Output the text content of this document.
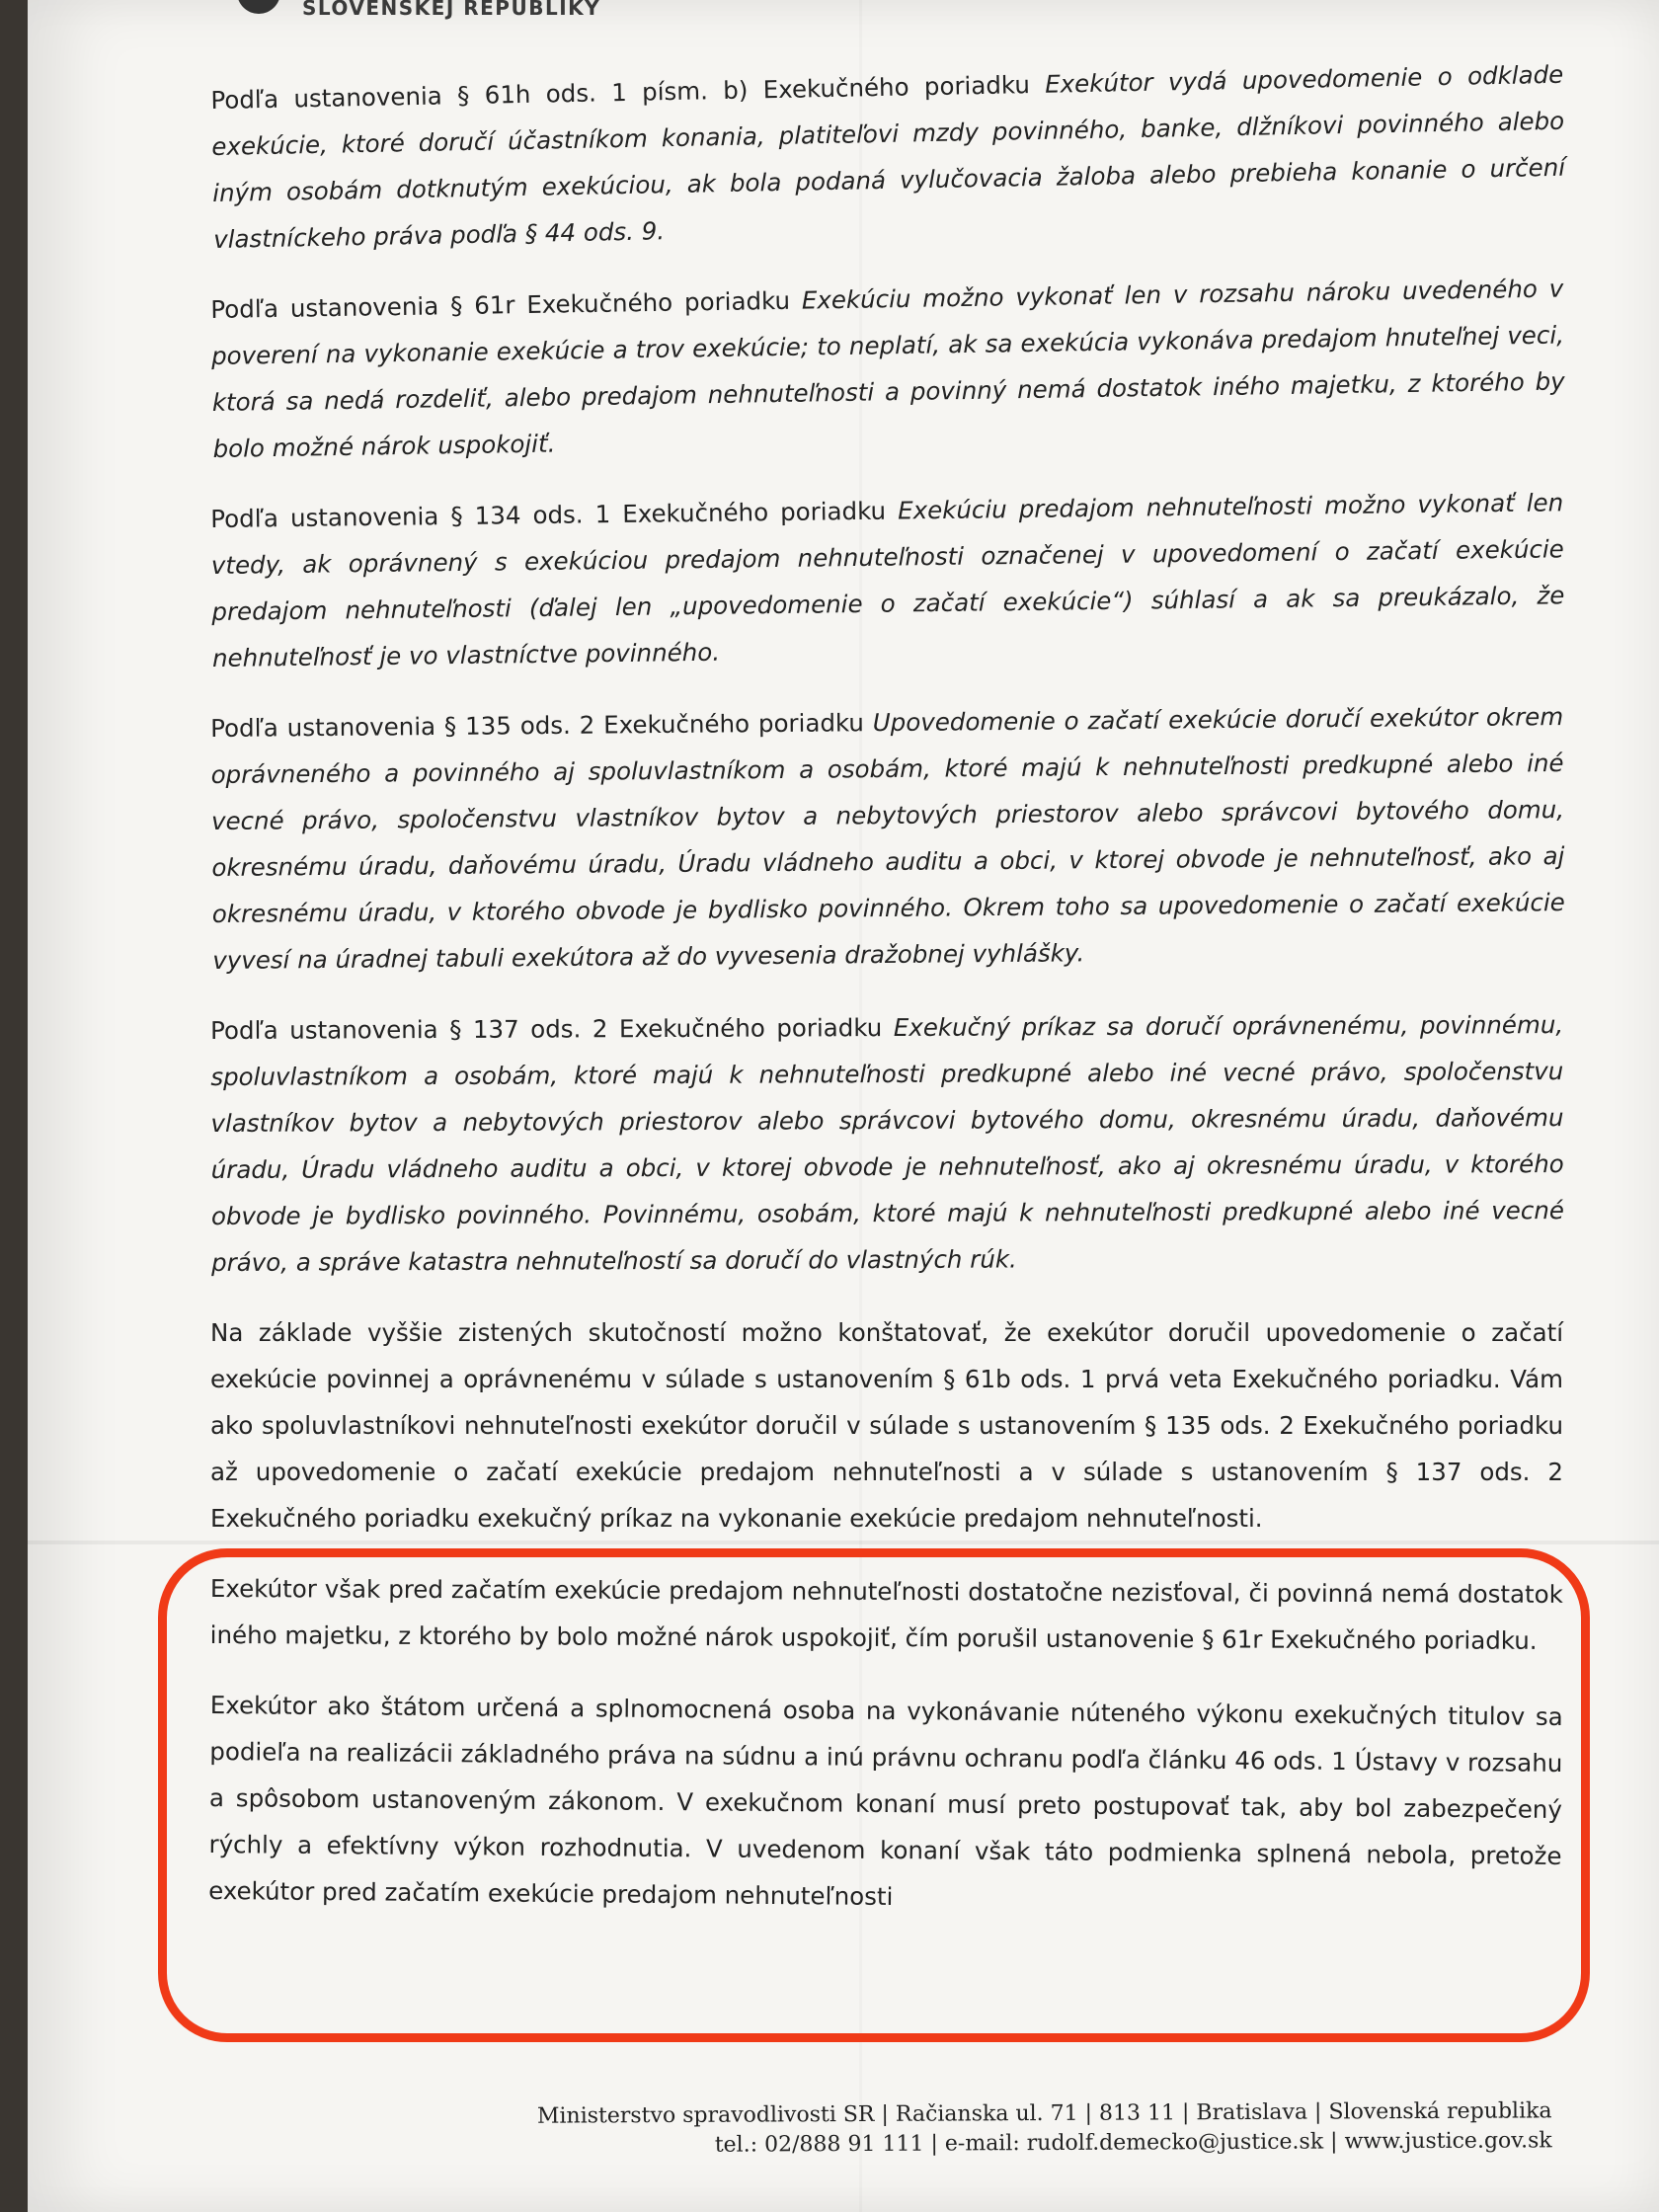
SLOVENSKEJ REPUBLIKY

Podľa ustanovenia § 61h ods. 1 písm. b) Exekučného poriadku Exekútor vydá upovedomenie o odklade exekúcie, ktoré doručí účastníkom konania, platiteľovi mzdy povinného, banke, dlžníkovi povinného alebo iným osobám dotknutým exekúciou, ak bola podaná vylučovacia žaloba alebo prebieha konanie o určení vlastníckeho práva podľa § 44 ods. 9.

Podľa ustanovenia § 61r Exekučného poriadku Exekúciu možno vykonať len v rozsahu nároku uvedeného v poverení na vykonanie exekúcie a trov exekúcie; to neplatí, ak sa exekúcia vykonáva predajom hnuteľnej veci, ktorá sa nedá rozdeliť, alebo predajom nehnuteľnosti a povinný nemá dostatok iného majetku, z ktorého by bolo možné nárok uspokojiť.

Podľa ustanovenia § 134 ods. 1 Exekučného poriadku Exekúciu predajom nehnuteľnosti možno vykonať len vtedy, ak oprávnený s exekúciou predajom nehnuteľnosti označenej v upovedomení o začatí exekúcie predajom nehnuteľnosti (ďalej len „upovedomenie o začatí exekúcie“) súhlasí a ak sa preukázalo, že nehnuteľnosť je vo vlastníctve povinného.

Podľa ustanovenia § 135 ods. 2 Exekučného poriadku Upovedomenie o začatí exekúcie doručí exekútor okrem oprávneného a povinného aj spoluvlastníkom a osobám, ktoré majú k nehnuteľnosti predkupné alebo iné vecné právo, spoločenstvu vlastníkov bytov a nebytových priestorov alebo správcovi bytového domu, okresnému úradu, daňovému úradu, Úradu vládneho auditu a obci, v ktorej obvode je nehnuteľnosť, ako aj okresnému úradu, v ktorého obvode je bydlisko povinného. Okrem toho sa upovedomenie o začatí exekúcie vyvesí na úradnej tabuli exekútora až do vyvesenia dražobnej vyhlášky.

Podľa ustanovenia § 137 ods. 2 Exekučného poriadku Exekučný príkaz sa doručí oprávnenému, povinnému, spoluvlastníkom a osobám, ktoré majú k nehnuteľnosti predkupné alebo iné vecné právo, spoločenstvu vlastníkov bytov a nebytových priestorov alebo správcovi bytového domu, okresnému úradu, daňovému úradu, Úradu vládneho auditu a obci, v ktorej obvode je nehnuteľnosť, ako aj okresnému úradu, v ktorého obvode je bydlisko povinného. Povinnému, osobám, ktoré majú k nehnuteľnosti predkupné alebo iné vecné právo, a správe katastra nehnuteľností sa doručí do vlastných rúk.

Na základe vyššie zistených skutočností možno konštatovať, že exekútor doručil upovedomenie o začatí exekúcie povinnej a oprávnenému v súlade s ustanovením § 61b ods. 1 prvá veta Exekučného poriadku. Vám ako spoluvlastníkovi nehnuteľnosti exekútor doručil v súlade s ustanovením § 135 ods. 2 Exekučného poriadku až upovedomenie o začatí exekúcie predajom nehnuteľnosti a v súlade s ustanovením § 137 ods. 2 Exekučného poriadku exekučný príkaz na vykonanie exekúcie predajom nehnuteľnosti.

Exekútor však pred začatím exekúcie predajom nehnuteľnosti dostatočne nezisťoval, či povinná nemá dostatok iného majetku, z ktorého by bolo možné nárok uspokojiť, čím porušil ustanovenie § 61r Exekučného poriadku.

Exekútor ako štátom určená a splnomocnená osoba na vykonávanie núteného výkonu exekučných titulov sa podieľa na realizácii základného práva na súdnu a inú právnu ochranu podľa článku 46 ods. 1 Ústavy v rozsahu a spôsobom ustanoveným zákonom. V exekučnom konaní musí preto postupovať tak, aby bol zabezpečený rýchly a efektívny výkon rozhodnutia. V uvedenom konaní však táto podmienka splnená nebola, pretože exekútor pred začatím exekúcie predajom nehnuteľnosti

Ministerstvo spravodlivosti SR | Račianska ul. 71 | 813 11 | Bratislava | Slovenská republika
tel.: 02/888 91 111 | e-mail: rudolf.demecko@justice.sk | www.justice.gov.sk
